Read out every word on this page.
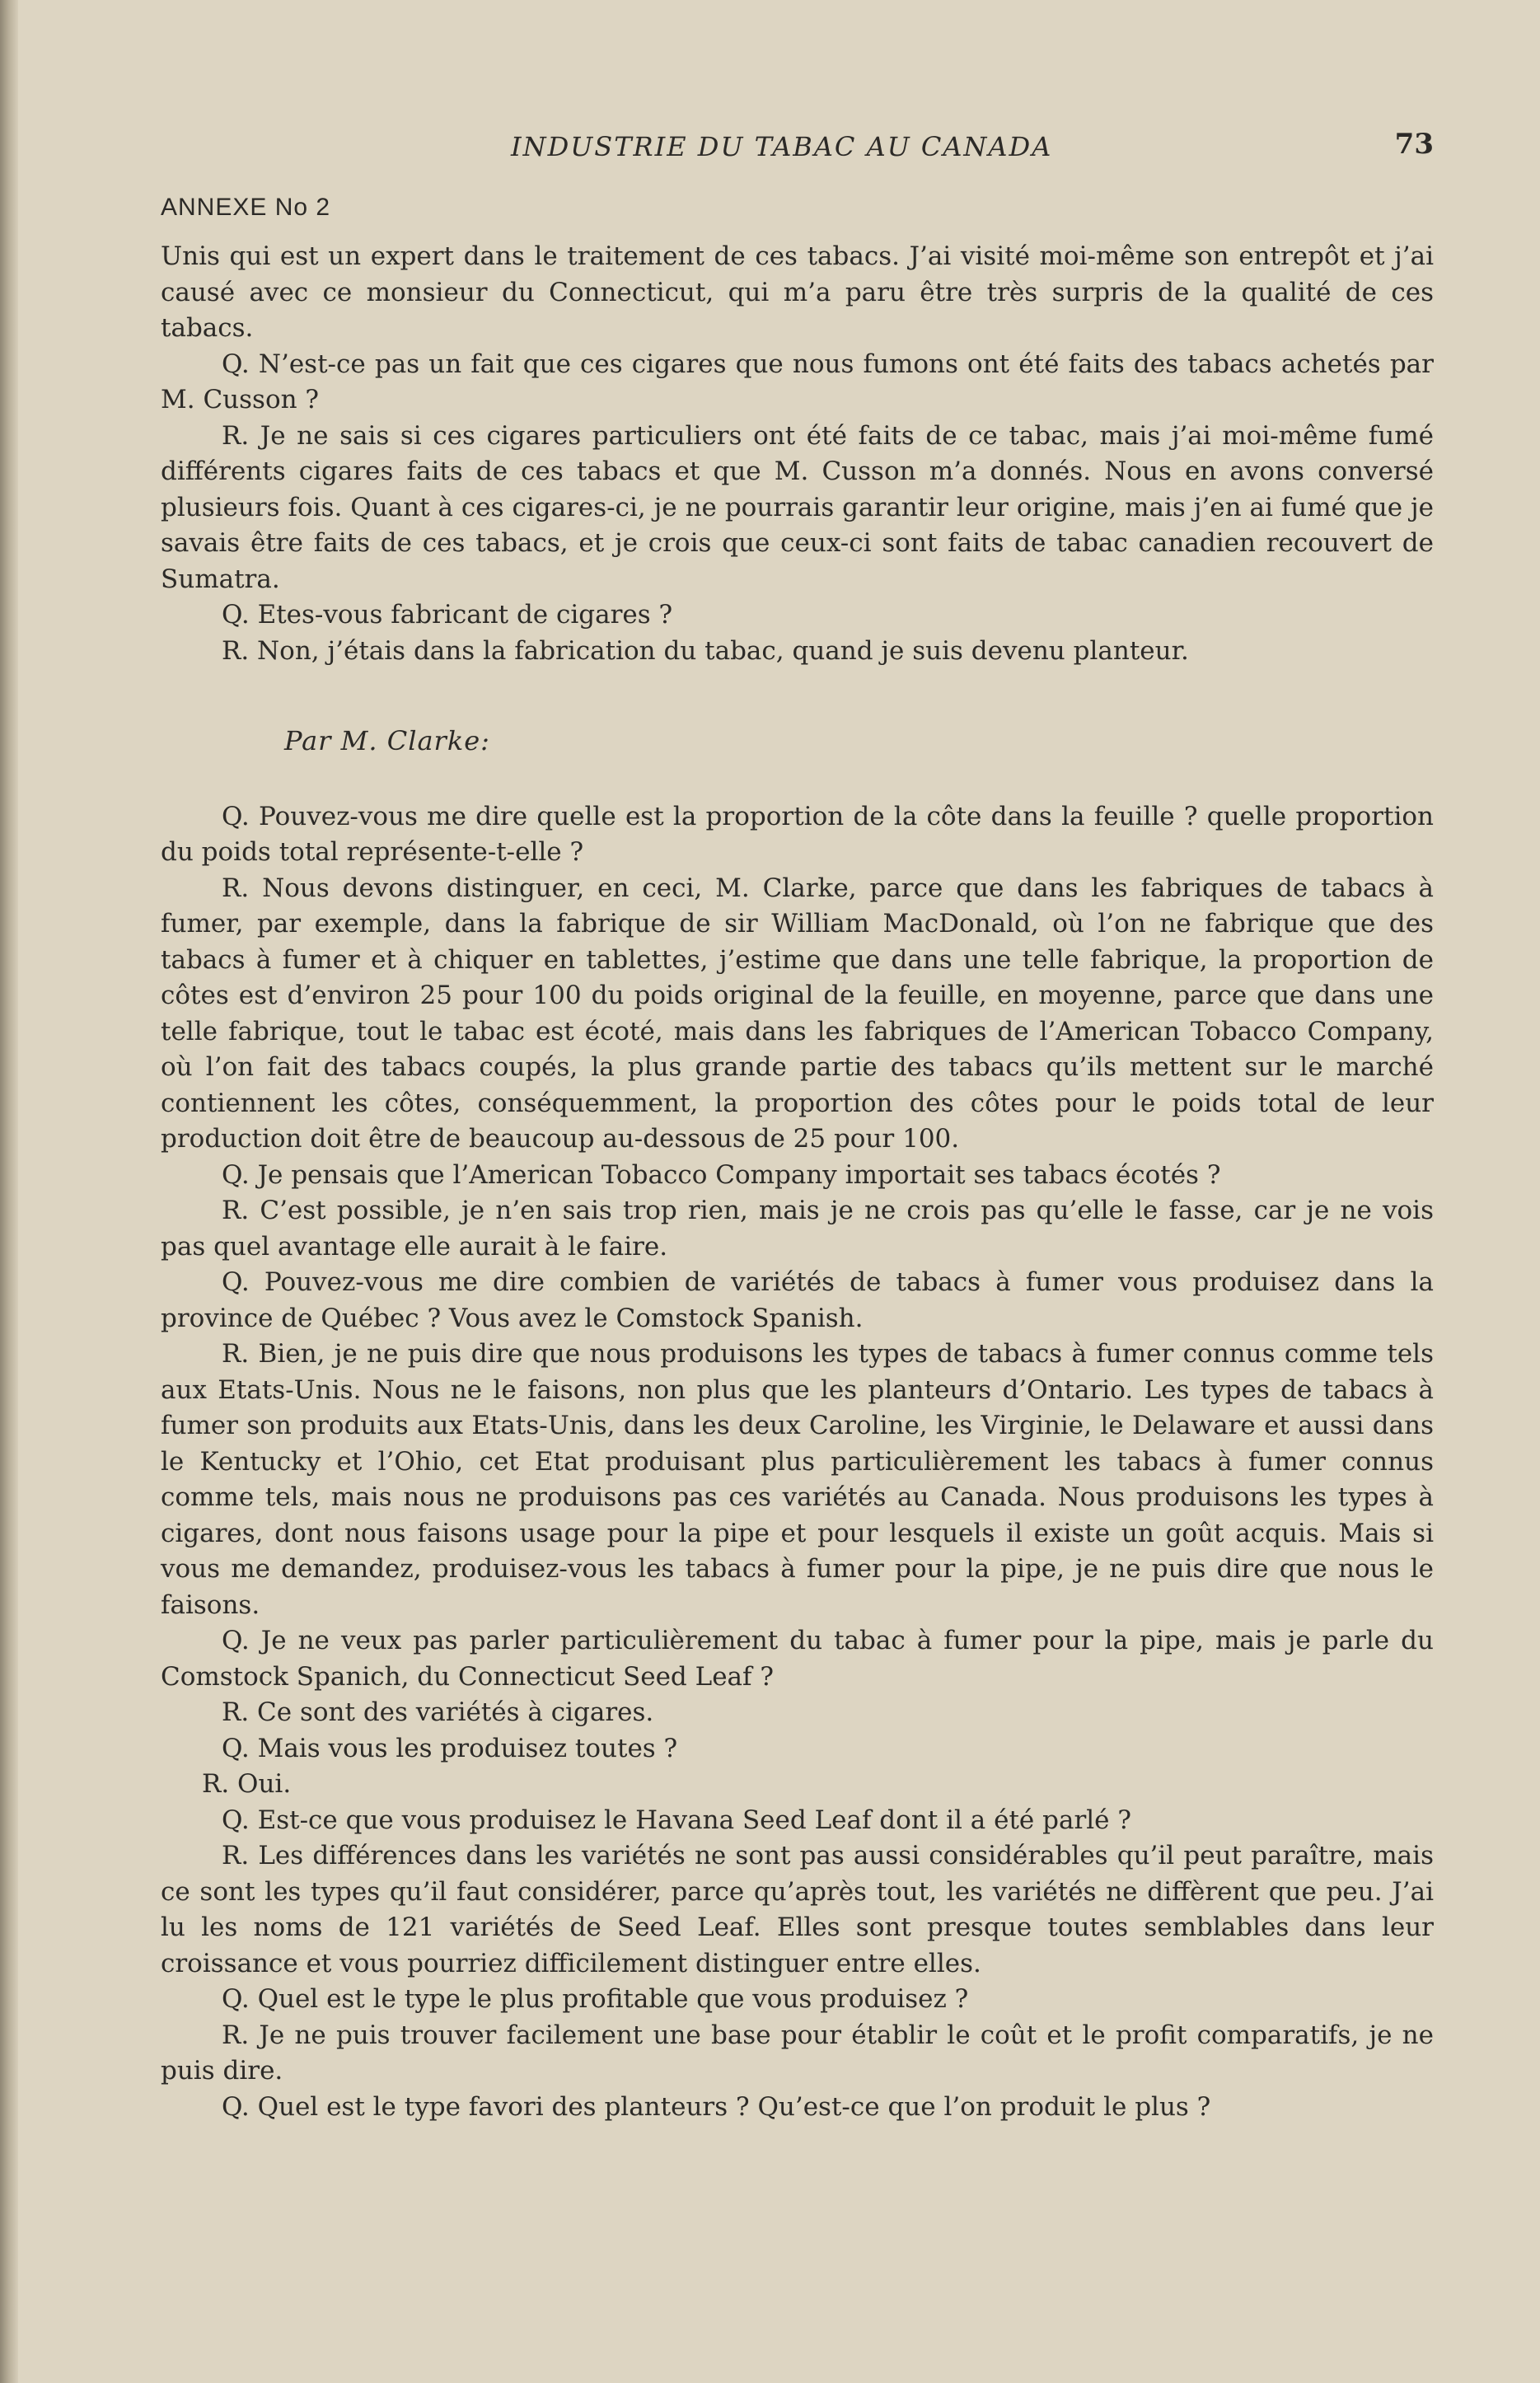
INDUSTRIE DU TABAC AU CANADA	73
ANNEXE No 2

Unis qui est un expert dans le traitement de ces tabacs. J’ai visité moi-même son entrepôt et j’ai causé avec ce monsieur du Connecticut, qui m’a paru être très surpris de la qualité de ces tabacs.

Q. N’est-ce pas un fait que ces cigares que nous fumons ont été faits des tabacs achetés par M. Cusson ?

R. Je ne sais si ces cigares particuliers ont été faits de ce tabac, mais j’ai moi-même fumé différents cigares faits de ces tabacs et que M. Cusson m’a donnés. Nous en avons conversé plusieurs fois. Quant à ces cigares-ci, je ne pourrais garantir leur origine, mais j’en ai fumé que je savais être faits de ces tabacs, et je crois que ceux-ci sont faits de tabac canadien recouvert de Sumatra.

Q. Etes-vous fabricant de cigares ?

R. Non, j’étais dans la fabrication du tabac, quand je suis devenu planteur.

Par M. Clarke:

Q. Pouvez-vous me dire quelle est la proportion de la côte dans la feuille ? quelle proportion du poids total représente-t-elle ?

R. Nous devons distinguer, en ceci, M. Clarke, parce que dans les fabriques de tabacs à fumer, par exemple, dans la fabrique de sir William MacDonald, où l’on ne fabrique que des tabacs à fumer et à chiquer en tablettes, j’estime que dans une telle fabrique, la proportion de côtes est d’environ 25 pour 100 du poids original de la feuille, en moyenne, parce que dans une telle fabrique, tout le tabac est écoté, mais dans les fabriques de l’American Tobacco Company, où l’on fait des tabacs coupés, la plus grande partie des tabacs qu’ils mettent sur le marché contiennent les côtes, conséquemment, la proportion des côtes pour le poids total de leur production doit être de beaucoup au-dessous de 25 pour 100.

Q. Je pensais que l’American Tobacco Company importait ses tabacs écotés ?

R. C’est possible, je n’en sais trop rien, mais je ne crois pas qu’elle le fasse, car je ne vois pas quel avantage elle aurait à le faire.

Q. Pouvez-vous me dire combien de variétés de tabacs à fumer vous produisez dans la province de Québec ? Vous avez le Comstock Spanish.

R. Bien, je ne puis dire que nous produisons les types de tabacs à fumer connus comme tels aux Etats-Unis. Nous ne le faisons, non plus que les planteurs d’Ontario. Les types de tabacs à fumer son produits aux Etats-Unis, dans les deux Caroline, les Virginie, le Delaware et aussi dans le Kentucky et l’Ohio, cet Etat produisant plus particulièrement les tabacs à fumer connus comme tels, mais nous ne produisons pas ces variétés au Canada. Nous produisons les types à cigares, dont nous faisons usage pour la pipe et pour lesquels il existe un goût acquis. Mais si vous me demandez, produisez-vous les tabacs à fumer pour la pipe, je ne puis dire que nous le faisons.

Q. Je ne veux pas parler particulièrement du tabac à fumer pour la pipe, mais je parle du Comstock Spanich, du Connecticut Seed Leaf ?

R. Ce sont des variétés à cigares.

Q. Mais vous les produisez toutes ?

R. Oui.

Q. Est-ce que vous produisez le Havana Seed Leaf dont il a été parlé ?

R. Les différences dans les variétés ne sont pas aussi considérables qu’il peut paraître, mais ce sont les types qu’il faut considérer, parce qu’après tout, les variétés ne diffèrent que peu. J’ai lu les noms de 121 variétés de Seed Leaf. Elles sont presque toutes semblables dans leur croissance et vous pourriez difficilement distinguer entre elles.

Q. Quel est le type le plus profitable que vous produisez ?

R. Je ne puis trouver facilement une base pour établir le coût et le profit comparatifs, je ne puis dire.

Q. Quel est le type favori des planteurs ? Qu’est-ce que l’on produit le plus ?
